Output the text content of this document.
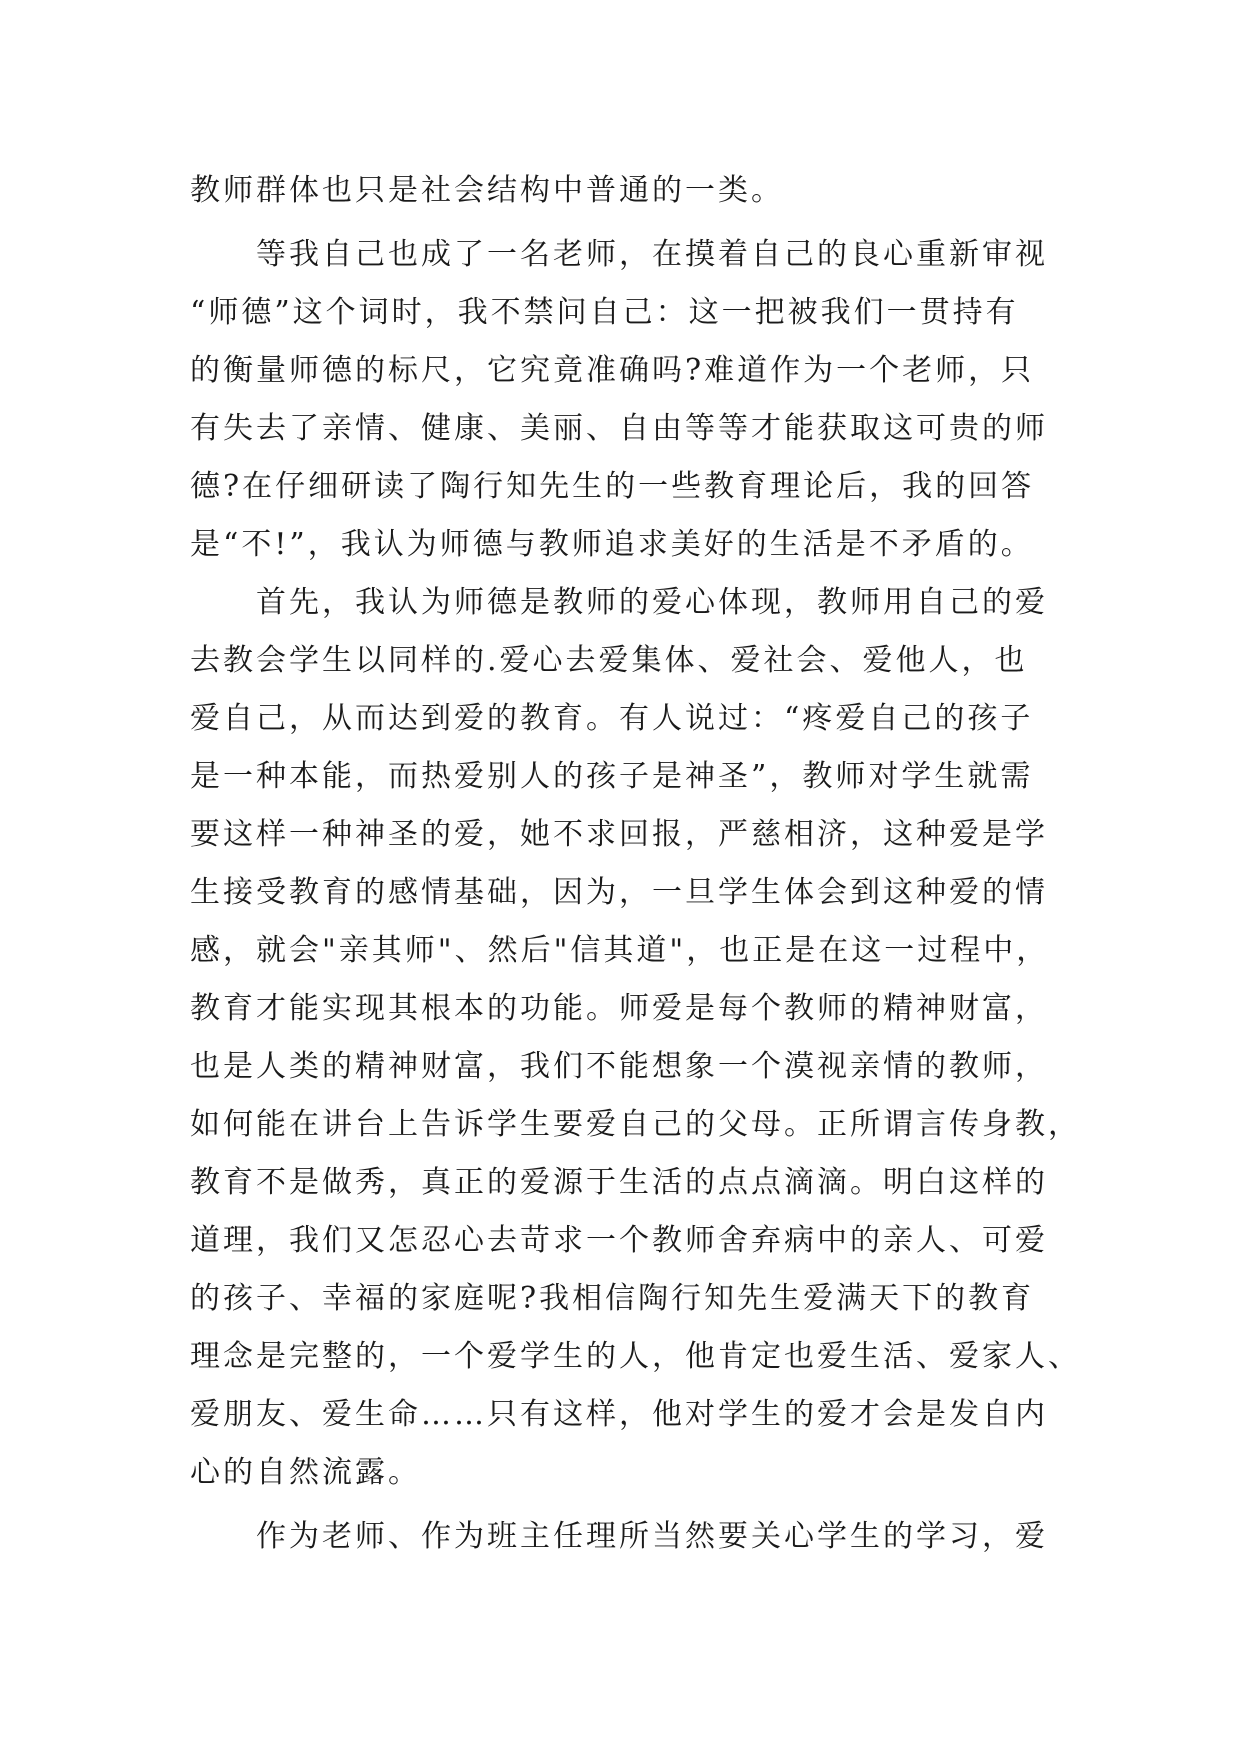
教师群体也只是社会结构中普通的一类。
等我自己也成了一名老师，在摸着自己的良心重新审视
“师德”这个词时，我不禁问自己：这一把被我们一贯持有
的衡量师德的标尺，它究竟准确吗?难道作为一个老师，只
有失去了亲情、健康、美丽、自由等等才能获取这可贵的师
德?在仔细研读了陶行知先生的一些教育理论后，我的回答
是“不!”，我认为师德与教师追求美好的生活是不矛盾的。
首先，我认为师德是教师的爱心体现，教师用自己的爱
去教会学生以同样的.爱心去爱集体、爱社会、爱他人，也
爱自己，从而达到爱的教育。有人说过：“疼爱自己的孩子
是一种本能，而热爱别人的孩子是神圣”，教师对学生就需
要这样一种神圣的爱，她不求回报，严慈相济，这种爱是学
生接受教育的感情基础，因为，一旦学生体会到这种爱的情
感，就会"亲其师"、然后"信其道"，也正是在这一过程中，
教育才能实现其根本的功能。师爱是每个教师的精神财富，
也是人类的精神财富，我们不能想象一个漠视亲情的教师，
如何能在讲台上告诉学生要爱自己的父母。正所谓言传身教，
教育不是做秀，真正的爱源于生活的点点滴滴。明白这样的
道理，我们又怎忍心去苛求一个教师舍弃病中的亲人、可爱
的孩子、幸福的家庭呢?我相信陶行知先生爱满天下的教育
理念是完整的，一个爱学生的人，他肯定也爱生活、爱家人、
爱朋友、爱生命……只有这样，他对学生的爱才会是发自内
心的自然流露。
作为老师、作为班主任理所当然要关心学生的学习，爱
